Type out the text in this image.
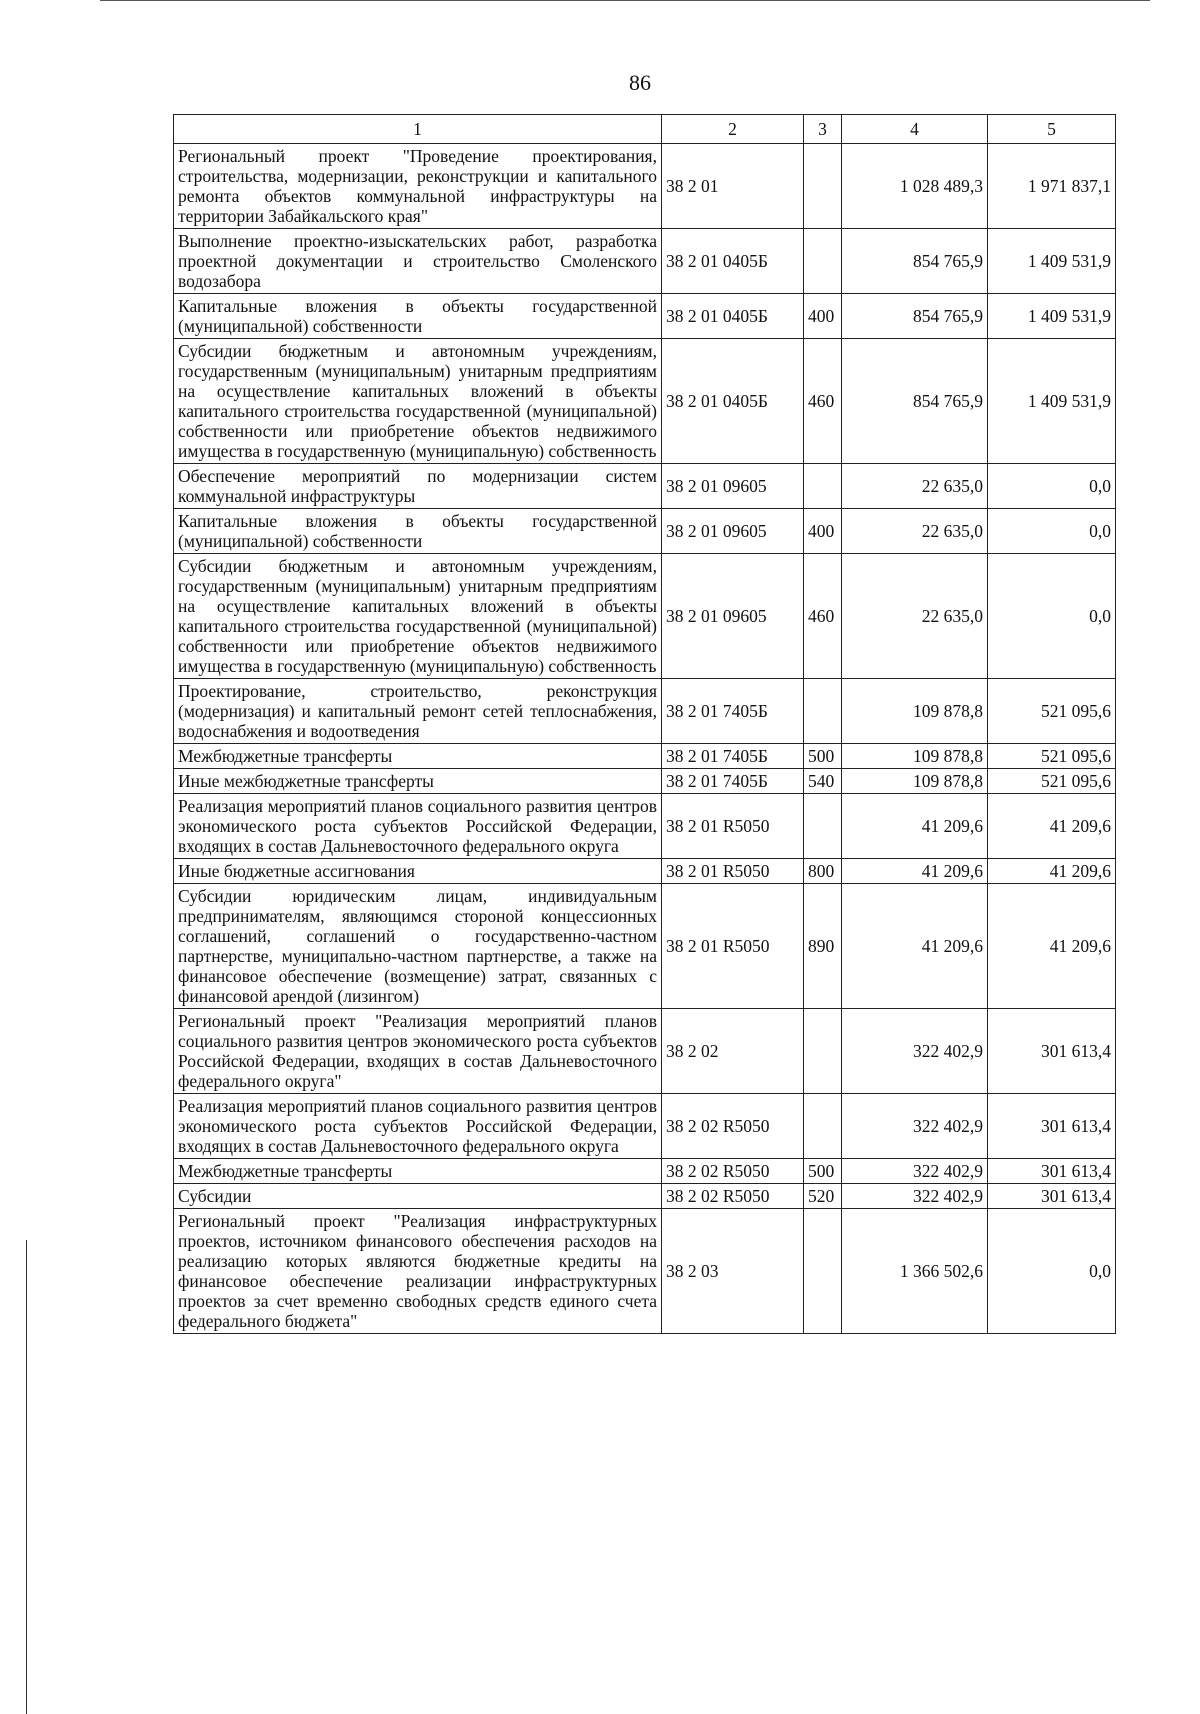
86
1	2	3	4	5
Региональный проект "Проведение проектирования, строительства, модернизации, реконструкции и капитального ремонта объектов коммунальной инфраструктуры на территории Забайкальского края"	38 2 01		1 028 489,3	1 971 837,1
Выполнение проектно-изыскательских работ, разработка проектной документации и строительство Смоленского водозабора	38 2 01 0405Б		854 765,9	1 409 531,9
Капитальные вложения в объекты государственной (муниципальной) собственности	38 2 01 0405Б	400	854 765,9	1 409 531,9
Субсидии бюджетным и автономным учреждениям, государственным (муниципальным) унитарным предприятиям на осуществление капитальных вложений в объекты капитального строительства государственной (муниципальной) собственности или приобретение объектов недвижимого имущества в государственную (муниципальную) собственность	38 2 01 0405Б	460	854 765,9	1 409 531,9
Обеспечение мероприятий по модернизации систем коммунальной инфраструктуры	38 2 01 09605		22 635,0	0,0
Капитальные вложения в объекты государственной (муниципальной) собственности	38 2 01 09605	400	22 635,0	0,0
Субсидии бюджетным и автономным учреждениям, государственным (муниципальным) унитарным предприятиям на осуществление капитальных вложений в объекты капитального строительства государственной (муниципальной) собственности или приобретение объектов недвижимого имущества в государственную (муниципальную) собственность	38 2 01 09605	460	22 635,0	0,0
Проектирование, строительство, реконструкция (модернизация) и капитальный ремонт сетей теплоснабжения, водоснабжения и водоотведения	38 2 01 7405Б		109 878,8	521 095,6
Межбюджетные трансферты	38 2 01 7405Б	500	109 878,8	521 095,6
Иные межбюджетные трансферты	38 2 01 7405Б	540	109 878,8	521 095,6
Реализация мероприятий планов социального развития центров экономического роста субъектов Российской Федерации, входящих в состав Дальневосточного федерального округа	38 2 01 R5050		41 209,6	41 209,6
Иные бюджетные ассигнования	38 2 01 R5050	800	41 209,6	41 209,6
Субсидии юридическим лицам, индивидуальным предпринимателям, являющимся стороной концессионных соглашений, соглашений о государственно-частном партнерстве, муниципально-частном партнерстве, а также на финансовое обеспечение (возмещение) затрат, связанных с финансовой арендой (лизингом)	38 2 01 R5050	890	41 209,6	41 209,6
Региональный проект "Реализация мероприятий планов социального развития центров экономического роста субъектов Российской Федерации, входящих в состав Дальневосточного федерального округа"	38 2 02		322 402,9	301 613,4
Реализация мероприятий планов социального развития центров экономического роста субъектов Российской Федерации, входящих в состав Дальневосточного федерального округа	38 2 02 R5050		322 402,9	301 613,4
Межбюджетные трансферты	38 2 02 R5050	500	322 402,9	301 613,4
Субсидии	38 2 02 R5050	520	322 402,9	301 613,4
Региональный проект "Реализация инфраструктурных проектов, источником финансового обеспечения расходов на реализацию которых являются бюджетные кредиты на финансовое обеспечение реализации инфраструктурных проектов за счет временно свободных средств единого счета федерального бюджета"	38 2 03		1 366 502,6	0,0
